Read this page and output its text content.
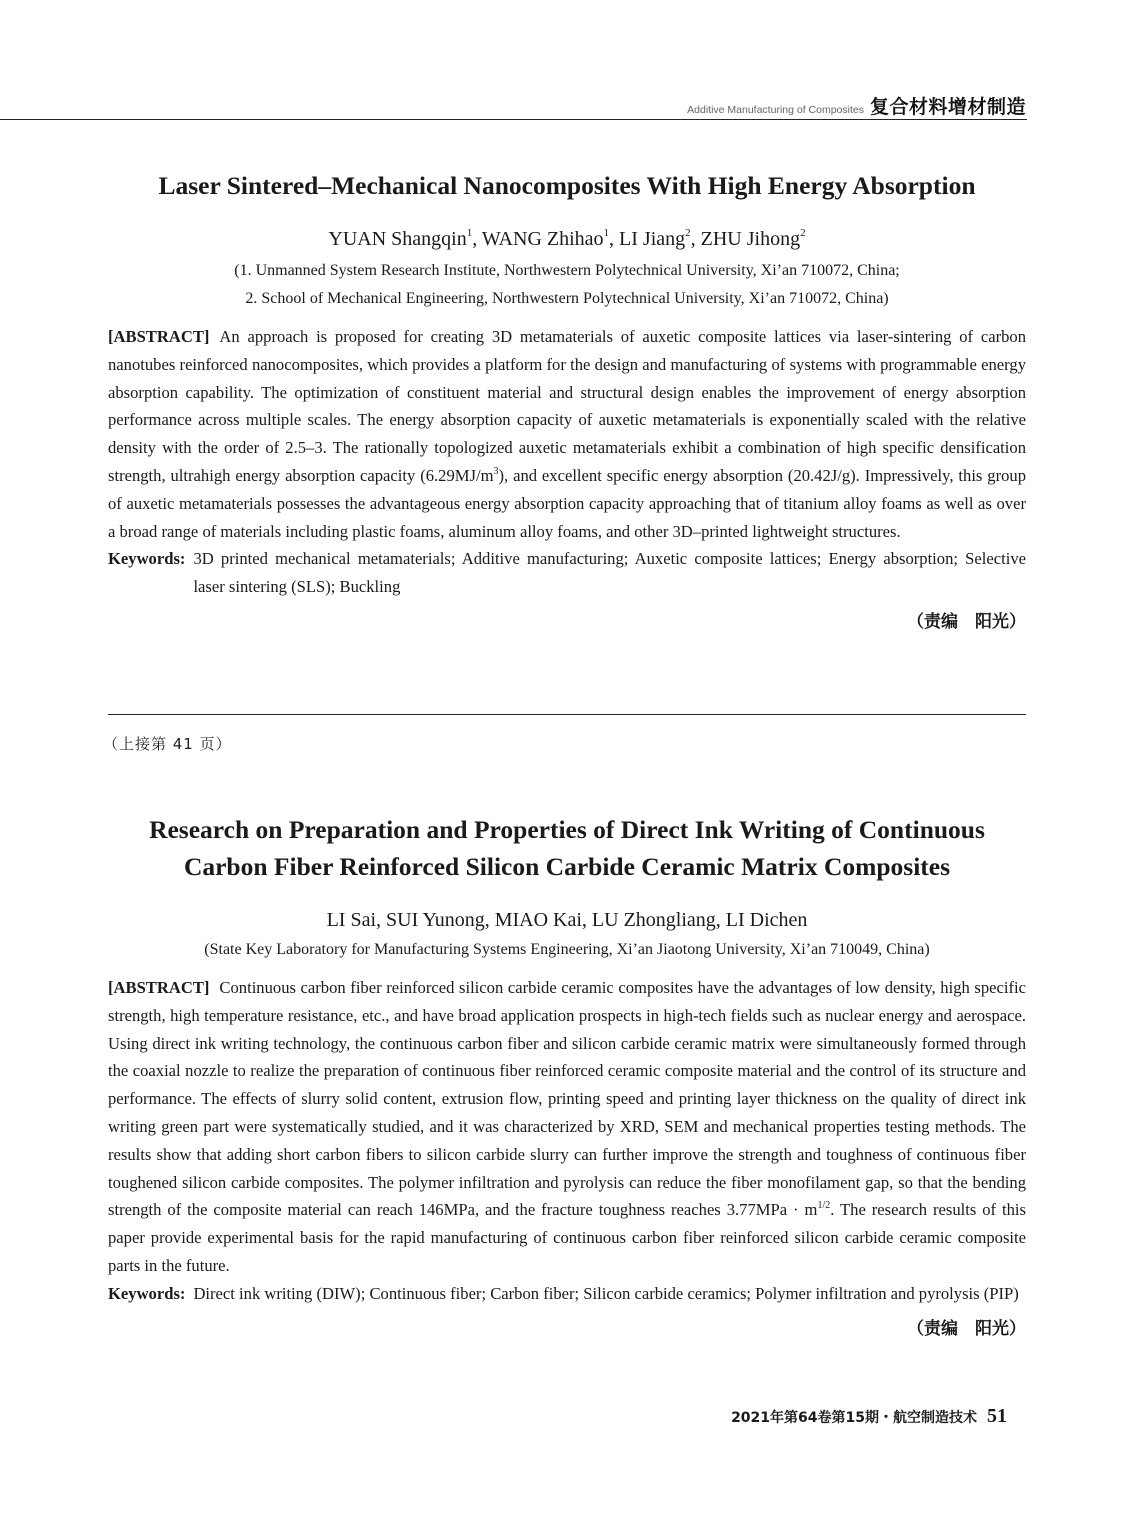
Additive Manufacturing of Composites 复合材料增材制造
Laser Sintered–Mechanical Nanocomposites With High Energy Absorption

YUAN Shangqin$^1$, WANG Zhihao$^1$, LI Jiang$^2$, ZHU Jihong$^2$

(1. Unmanned System Research Institute, Northwestern Polytechnical University, Xi’an 710072, China;

2. School of Mechanical Engineering, Northwestern Polytechnical University, Xi’an 710072, China)

[ABSTRACT] An approach is proposed for creating 3D metamaterials of auxetic composite lattices via laser-sintering of carbon nanotubes reinforced nanocomposites, which provides a platform for the design and manufacturing of systems with programmable energy absorption capability. The optimization of constituent material and structural design enables the improvement of energy absorption performance across multiple scales. The energy absorption capacity of auxetic metamaterials is exponentially scaled with the relative density with the order of 2.5–3. The rationally topologized auxetic metamaterials exhibit a combination of high specific densification strength, ultrahigh energy absorption capacity $(6.29MJ/m^3)$, and excellent specific energy absorption (20.42J/g). Impressively, this group of auxetic metamaterials possesses the advantageous energy absorption capacity approaching that of titanium alloy foams as well as over a broad range of materials including plastic foams, aluminum alloy foams, and other 3D–printed lightweight structures.

Keywords: 3D printed mechanical metamaterials; Additive manufacturing; Auxetic composite lattices; Energy absorption; Selective laser sintering (SLS); Buckling

（责编　阳光）

（上接第 41 页）
Research on Preparation and Properties of Direct Ink Writing of Continuous
Carbon Fiber Reinforced Silicon Carbide Ceramic Matrix Composites

LI Sai, SUI Yunong, MIAO Kai, LU Zhongliang, LI Dichen

(State Key Laboratory for Manufacturing Systems Engineering, Xi’an Jiaotong University, Xi’an 710049, China)

[ABSTRACT] Continuous carbon fiber reinforced silicon carbide ceramic composites have the advantages of low density, high specific strength, high temperature resistance, etc., and have broad application prospects in high-tech fields such as nuclear energy and aerospace. Using direct ink writing technology, the continuous carbon fiber and silicon carbide ceramic matrix were simultaneously formed through the coaxial nozzle to realize the preparation of continuous fiber reinforced ceramic composite material and the control of its structure and performance. The effects of slurry solid content, extrusion flow, printing speed and printing layer thickness on the quality of direct ink writing green part were systematically studied, and it was characterized by XRD, SEM and mechanical properties testing methods. The results show that adding short carbon fibers to silicon carbide slurry can further improve the strength and toughness of continuous fiber toughened silicon carbide composites. The polymer infiltration and pyrolysis can reduce the fiber monofilament gap, so that the bending strength of the composite material can reach 146MPa, and the fracture toughness reaches $3.77MPa \cdot m^{1/2}$. The research results of this paper provide experimental basis for the rapid manufacturing of continuous carbon fiber reinforced silicon carbide ceramic composite parts in the future.

Keywords: Direct ink writing (DIW); Continuous fiber; Carbon fiber; Silicon carbide ceramics; Polymer infiltration and pyrolysis (PIP)

（责编　阳光）

2021年第64卷第15期・航空制造技术 51
